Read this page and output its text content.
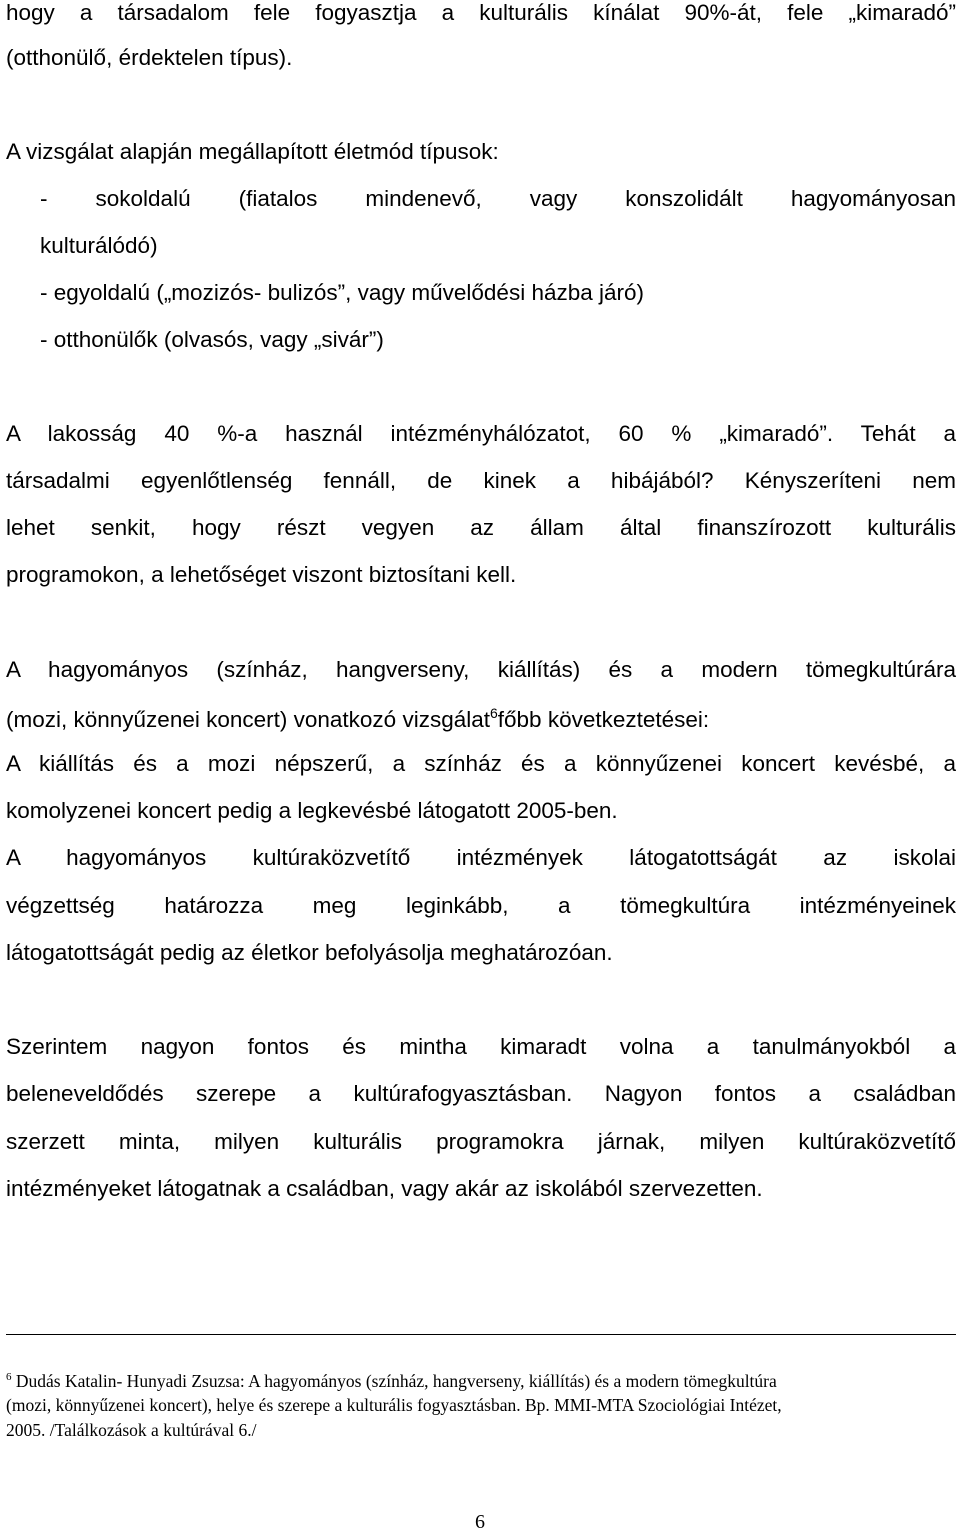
hogy a társadalom fele fogyasztja a kulturális kínálat 90%-át, fele „kimaradó”
(otthonülő, érdektelen típus).
A vizsgálat alapján megállapított életmód típusok:
- sokoldalú (fiatalos mindenevő, vagy konszolidált hagyományosan
kulturálódó)
- egyoldalú („mozizós- bulizós”, vagy művelődési házba járó)
- otthonülők (olvasós, vagy „sivár”)
A lakosság 40 %-a használ intézményhálózatot, 60 % „kimaradó”. Tehát a
társadalmi egyenlőtlenség fennáll, de kinek a hibájából? Kényszeríteni nem
lehet senkit, hogy részt vegyen az állam által finanszírozott kulturális
programokon, a lehetőséget viszont biztosítani kell.
A hagyományos (színház, hangverseny, kiállítás) és a modern tömegkultúrára
(mozi, könnyűzenei koncert) vonatkozó vizsgálat$^6$főbb következtetései:
A kiállítás és a mozi népszerű, a színház és a könnyűzenei koncert kevésbé, a
komolyzenei koncert pedig a legkevésbé látogatott 2005-ben.
A hagyományos kultúraközvetítő intézmények látogatottságát az iskolai
végzettség határozza meg leginkább, a tömegkultúra intézményeinek
látogatottságát pedig az életkor befolyásolja meghatározóan.
Szerintem nagyon fontos és mintha kimaradt volna a tanulmányokból a
beleneveldődés szerepe a kultúrafogyasztásban. Nagyon fontos a családban
szerzett minta, milyen kulturális programokra járnak, milyen kultúraközvetítő
intézményeket látogatnak a családban, vagy akár az iskolából szervezetten.
$^6$ Dudás Katalin- Hunyadi Zsuzsa: A hagyományos (színház, hangverseny, kiállítás) és a modern tömegkultúra
(mozi, könnyűzenei koncert), helye és szerepe a kulturális fogyasztásban. Bp. MMI-MTA Szociológiai Intézet,
2005. /Találkozások a kultúrával 6./
6
